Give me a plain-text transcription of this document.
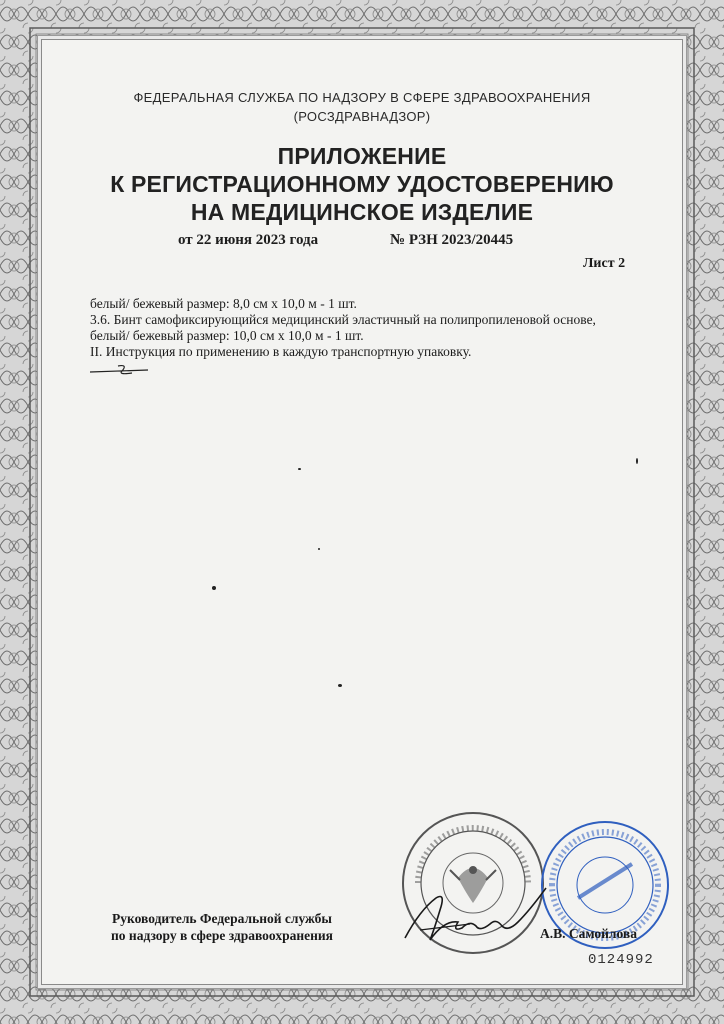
ФЕДЕРАЛЬНАЯ СЛУЖБА ПО НАДЗОРУ В СФЕРЕ ЗДРАВООХРАНЕНИЯ
(РОСЗДРАВНАДЗОР)
ПРИЛОЖЕНИЕ
К РЕГИСТРАЦИОННОМУ УДОСТОВЕРЕНИЮ
НА МЕДИЦИНСКОЕ ИЗДЕЛИЕ
от 22 июня 2023 года	№ РЗН 2023/20445
Лист 2
белый/ бежевый размер: 8,0 см х 10,0 м - 1 шт.
3.6. Бинт самофиксирующийся медицинский эластичный на полипропиленовой основе,
белый/ бежевый размер: 10,0 см х 10,0 м - 1 шт.
II. Инструкция по применению в каждую транспортную упаковку.
Руководитель Федеральной службы
по надзору в сфере здравоохранения	А.В. Самойлова
0124992
